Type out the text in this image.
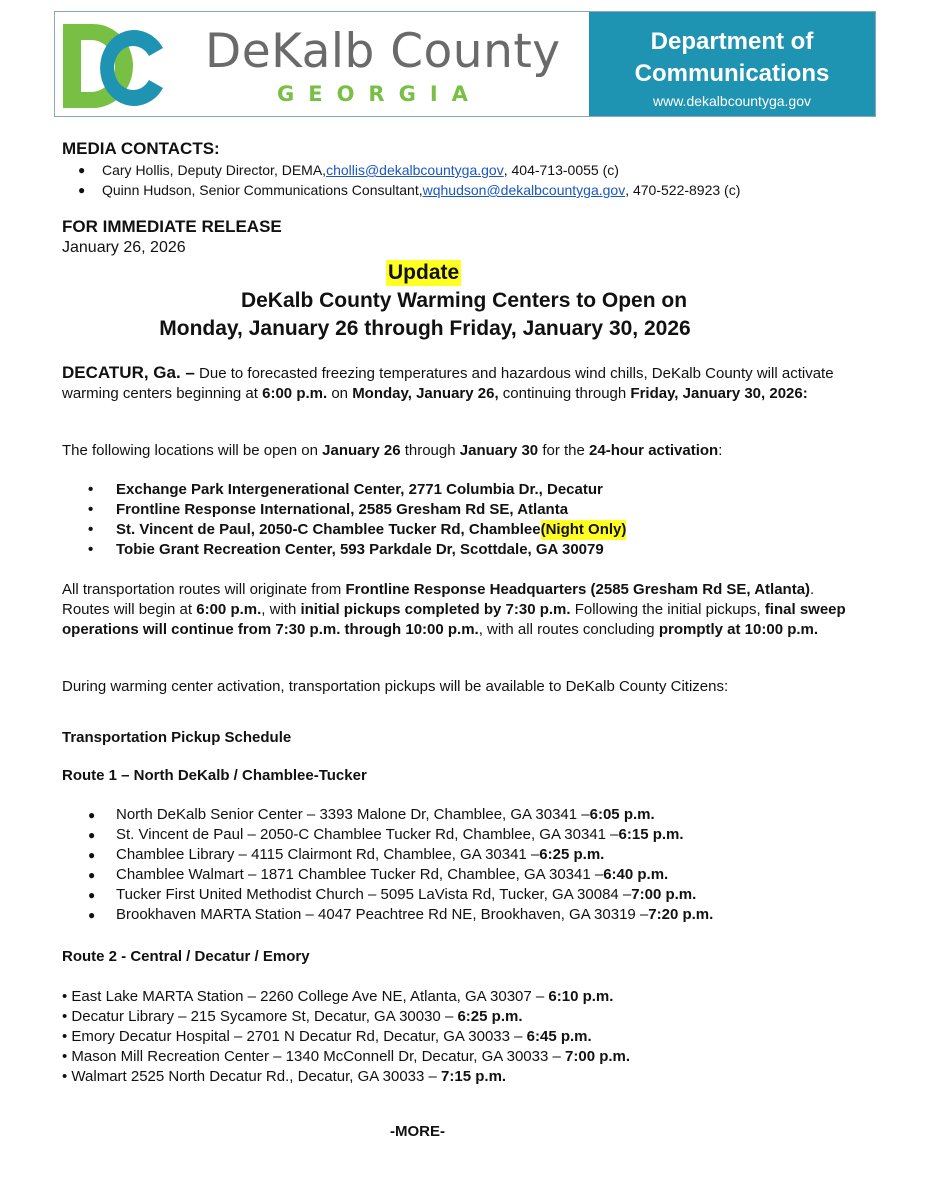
DeKalb County
GEORGIA
Department of
Communications
www.dekalbcountyga.gov
MEDIA CONTACTS:
●	Cary Hollis, Deputy Director, DEMA, chollis@dekalbcountyga.gov , 404-713-0055 (c)
●	Quinn Hudson, Senior Communications Consultant, wqhudson@dekalbcountyga.gov , 470-522-8923 (c)
FOR IMMEDIATE RELEASE
January 26, 2026
Update
DeKalb County Warming Centers to Open on
Monday, January 26 through Friday, January 30, 2026
DECATUR, Ga. – Due to forecasted freezing temperatures and hazardous wind chills, DeKalb County will activate warming centers beginning at 6:00 p.m. on Monday, January 26, continuing through Friday, January 30, 2026:
The following locations will be open on January 26 through January 30 for the 24-hour activation:
•	Exchange Park Intergenerational Center, 2771 Columbia Dr., Decatur
•	Frontline Response International, 2585 Gresham Rd SE, Atlanta
•	St. Vincent de Paul, 2050-C Chamblee Tucker Rd, Chamblee (Night Only)
•	Tobie Grant Recreation Center, 593 Parkdale Dr, Scottdale, GA 30079
All transportation routes will originate from Frontline Response Headquarters (2585 Gresham Rd SE, Atlanta). Routes will begin at 6:00 p.m., with initial pickups completed by 7:30 p.m. Following the initial pickups, final sweep operations will continue from 7:30 p.m. through 10:00 p.m., with all routes concluding promptly at 10:00 p.m.
During warming center activation, transportation pickups will be available to DeKalb County Citizens:
Transportation Pickup Schedule
Route 1 – North DeKalb / Chamblee-Tucker
●	North DeKalb Senior Center – 3393 Malone Dr, Chamblee, GA 30341 – 6:05 p.m.
●	St. Vincent de Paul – 2050-C Chamblee Tucker Rd, Chamblee, GA 30341 – 6:15 p.m.
●	Chamblee Library – 4115 Clairmont Rd, Chamblee, GA 30341 – 6:25 p.m.
●	Chamblee Walmart – 1871 Chamblee Tucker Rd, Chamblee, GA 30341 – 6:40 p.m.
●	Tucker First United Methodist Church – 5095 LaVista Rd, Tucker, GA 30084 – 7:00 p.m.
●	Brookhaven MARTA Station – 4047 Peachtree Rd NE, Brookhaven, GA 30319 – 7:20 p.m.
Route 2 - Central / Decatur / Emory
• East Lake MARTA Station – 2260 College Ave NE, Atlanta, GA 30307 – 6:10 p.m.
• Decatur Library – 215 Sycamore St, Decatur, GA 30030 – 6:25 p.m.
• Emory Decatur Hospital – 2701 N Decatur Rd, Decatur, GA 30033 – 6:45 p.m.
• Mason Mill Recreation Center – 1340 McConnell Dr, Decatur, GA 30033 – 7:00 p.m.
• Walmart 2525 North Decatur Rd., Decatur, GA 30033 – 7:15 p.m.
-MORE-
